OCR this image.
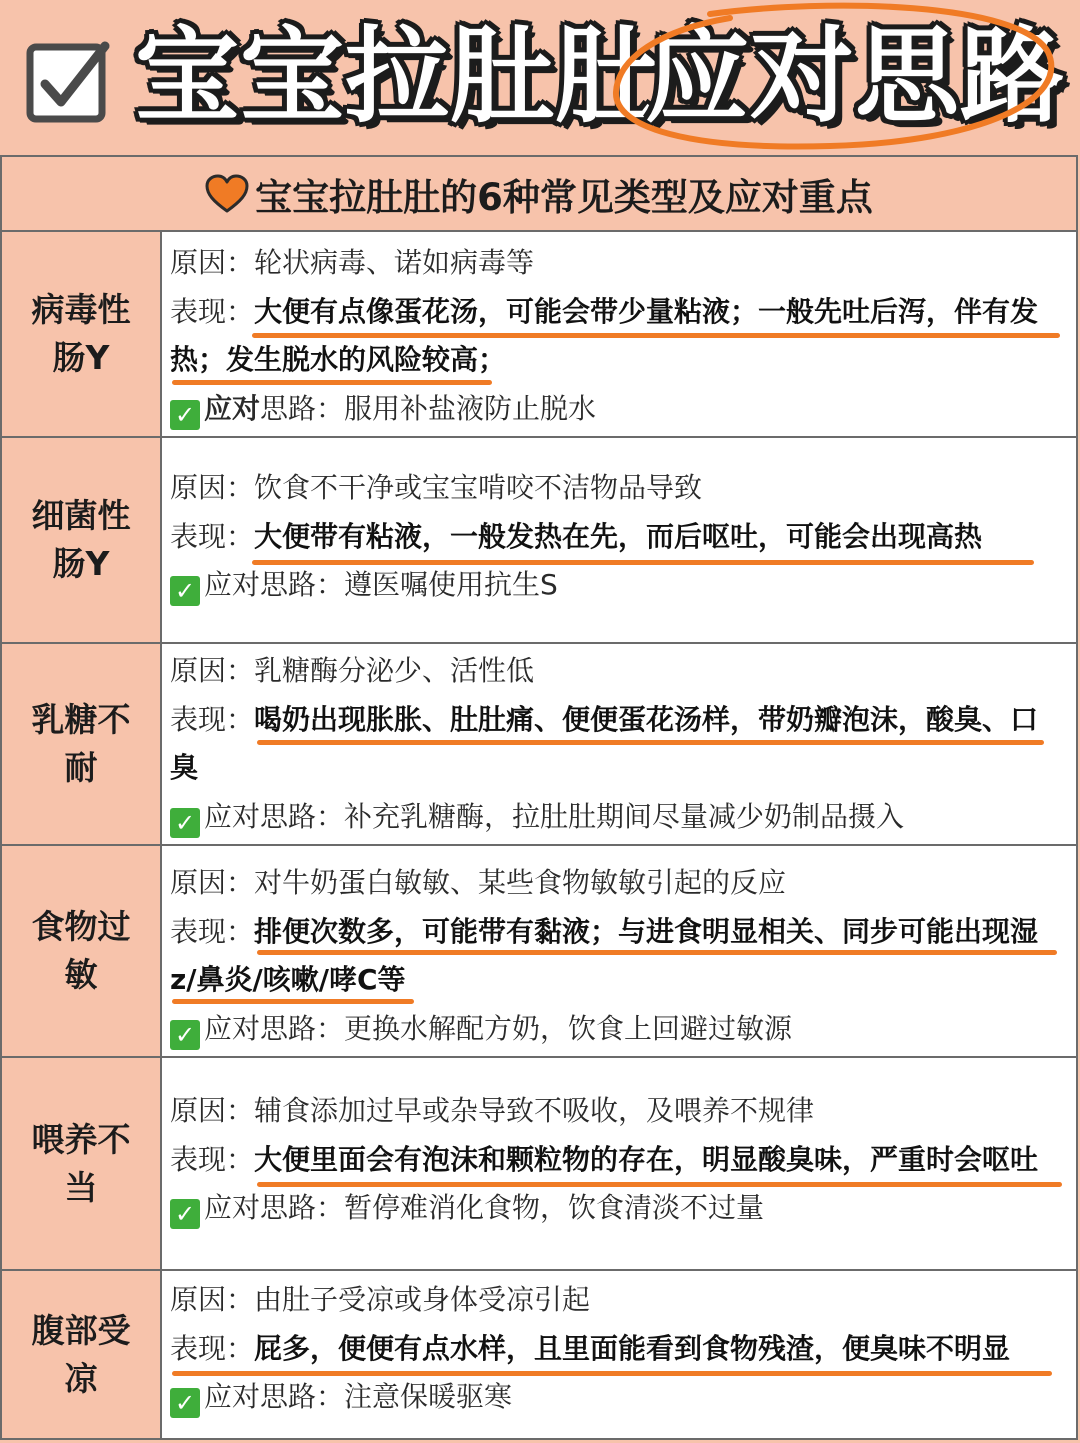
宝宝拉肚肚
应对思路
宝宝拉肚肚的6种常见类型及应对重点
病毒性肠Y
原因：轮状病毒、诺如病毒等
表现：大便有点像蛋花汤，可能会带少量粘液；一般先吐后泻，伴有发热；发生脱水的风险较高；
✓ 应对思路：服用补盐液防止脱水
细菌性肠Y
原因：饮食不干净或宝宝啃咬不洁物品导致
表现：大便带有粘液，一般发热在先，而后呕吐，可能会出现高热
✓ 应对思路：遵医嘱使用抗生S
乳糖不耐
原因：乳糖酶分泌少、活性低
表现：喝奶出现胀胀、肚肚痛、便便蛋花汤样，带奶瓣泡沫，酸臭、口臭
✓ 应对思路：补充乳糖酶，拉肚肚期间尽量减少奶制品摄入
食物过敏
原因：对牛奶蛋白敏敏、某些食物敏敏引起的反应
表现：排便次数多，可能带有黏液；与进食明显相关、同步可能出现湿z/鼻炎/咳嗽/哮C等
✓ 应对思路：更换水解配方奶，饮食上回避过敏源
喂养不当
原因：辅食添加过早或杂导致不吸收，及喂养不规律
表现：大便里面会有泡沫和颗粒物的存在，明显酸臭味，严重时会呕吐
✓ 应对思路：暂停难消化食物，饮食清淡不过量
腹部受凉
原因：由肚子受凉或身体受凉引起
表现：屁多，便便有点水样，且里面能看到食物残渣，便臭味不明显
✓ 应对思路：注意保暖驱寒
